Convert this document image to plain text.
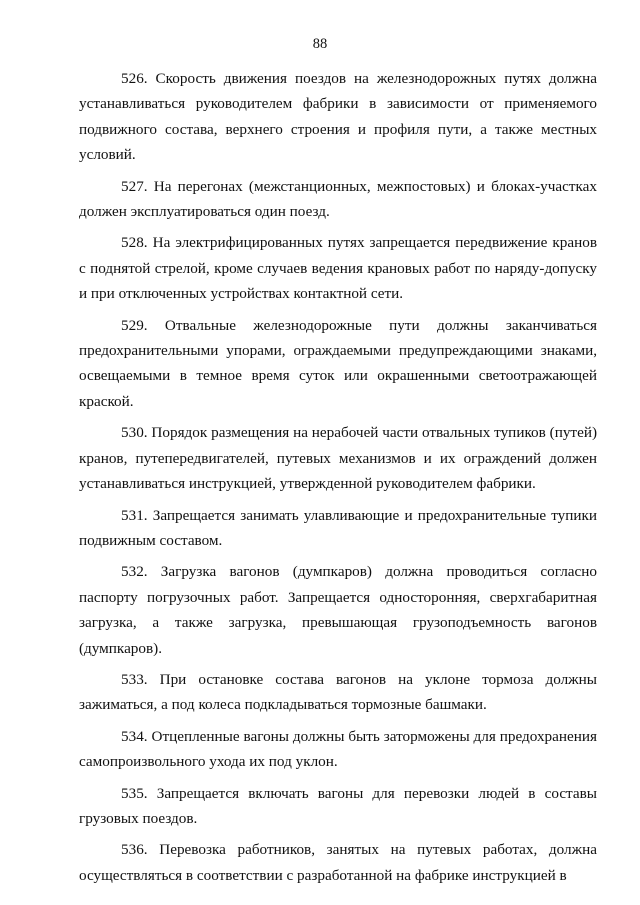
88

526. Скорость движения поездов на железнодорожных путях должна устанавливаться руководителем фабрики в зависимости от применяемого подвижного состава, верхнего строения и профиля пути, а также местных условий.

527. На перегонах (межстанционных, межпостовых) и блоках-участках должен эксплуатироваться один поезд.

528. На электрифицированных путях запрещается передвижение кранов с поднятой стрелой, кроме случаев ведения крановых работ по наряду-допуску и при отключенных устройствах контактной сети.

529. Отвальные железнодорожные пути должны заканчиваться предохранительными упорами, ограждаемыми предупреждающими знаками, освещаемыми в темное время суток или окрашенными светоотражающей краской.

530. Порядок размещения на нерабочей части отвальных тупиков (путей) кранов, путепередвигателей, путевых механизмов и их ограждений должен устанавливаться инструкцией, утвержденной руководителем фабрики.

531. Запрещается занимать улавливающие и предохранительные тупики подвижным составом.

532. Загрузка вагонов (думпкаров) должна проводиться согласно паспорту погрузочных работ. Запрещается односторонняя, сверхгабаритная загрузка, а также загрузка, превышающая грузоподъемность вагонов (думпкаров).

533. При остановке состава вагонов на уклоне тормоза должны зажиматься, а под колеса подкладываться тормозные башмаки.

534. Отцепленные вагоны должны быть заторможены для предохранения самопроизвольного ухода их под уклон.

535. Запрещается включать вагоны для перевозки людей в составы грузовых поездов.

536. Перевозка работников, занятых на путевых работах, должна осуществляться в соответствии с разработанной на фабрике инструкцией в
